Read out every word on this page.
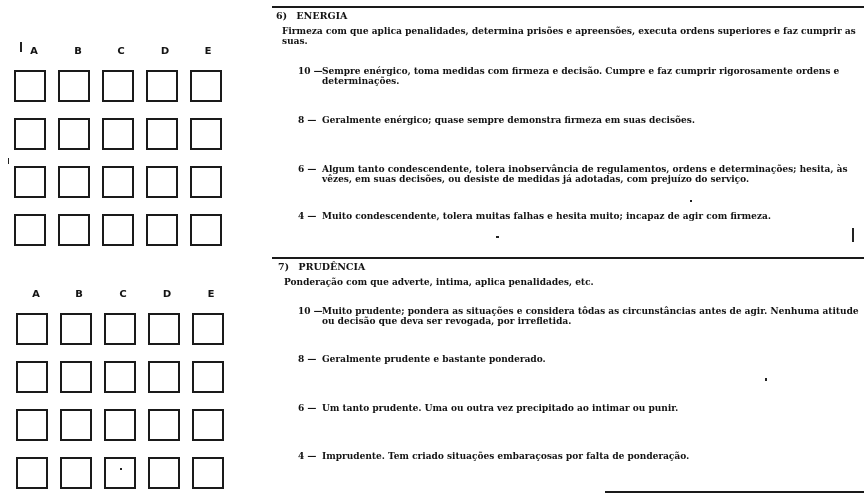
A	B	C	D	E
A	B	C	D	E
6) ENERGIA
Firmeza com que aplica penalidades, determina prisões e apreensões, executa ordens superiores e faz cumprir as suas.
10 — Sempre enérgico, toma medidas com firmeza e decisão. Cumpre e faz cumprir rigorosamente ordens e determinações.
8 — Geralmente enérgico; quase sempre demonstra firmeza em suas decisões.
6 — Algum tanto condescendente, tolera inobservância de regulamentos, ordens e determinações; hesita, às vêzes, em suas decisões, ou desiste de medidas já adotadas, com prejuízo do serviço.
4 — Muito condescendente, tolera muitas falhas e hesita muito; incapaz de agir com firmeza.
7) PRUDÊNCIA
Ponderação com que adverte, intima, aplica penalidades, etc.
10 — Muito prudente; pondera as situações e considera tôdas as circunstâncias antes de agir. Nenhuma atitude ou decisão que deva ser revogada, por irrefletida.
8 — Geralmente prudente e bastante ponderado.
6 — Um tanto prudente. Uma ou outra vez precipitado ao intimar ou punir.
4 — Imprudente. Tem criado situações embaraçosas por falta de ponderação.
